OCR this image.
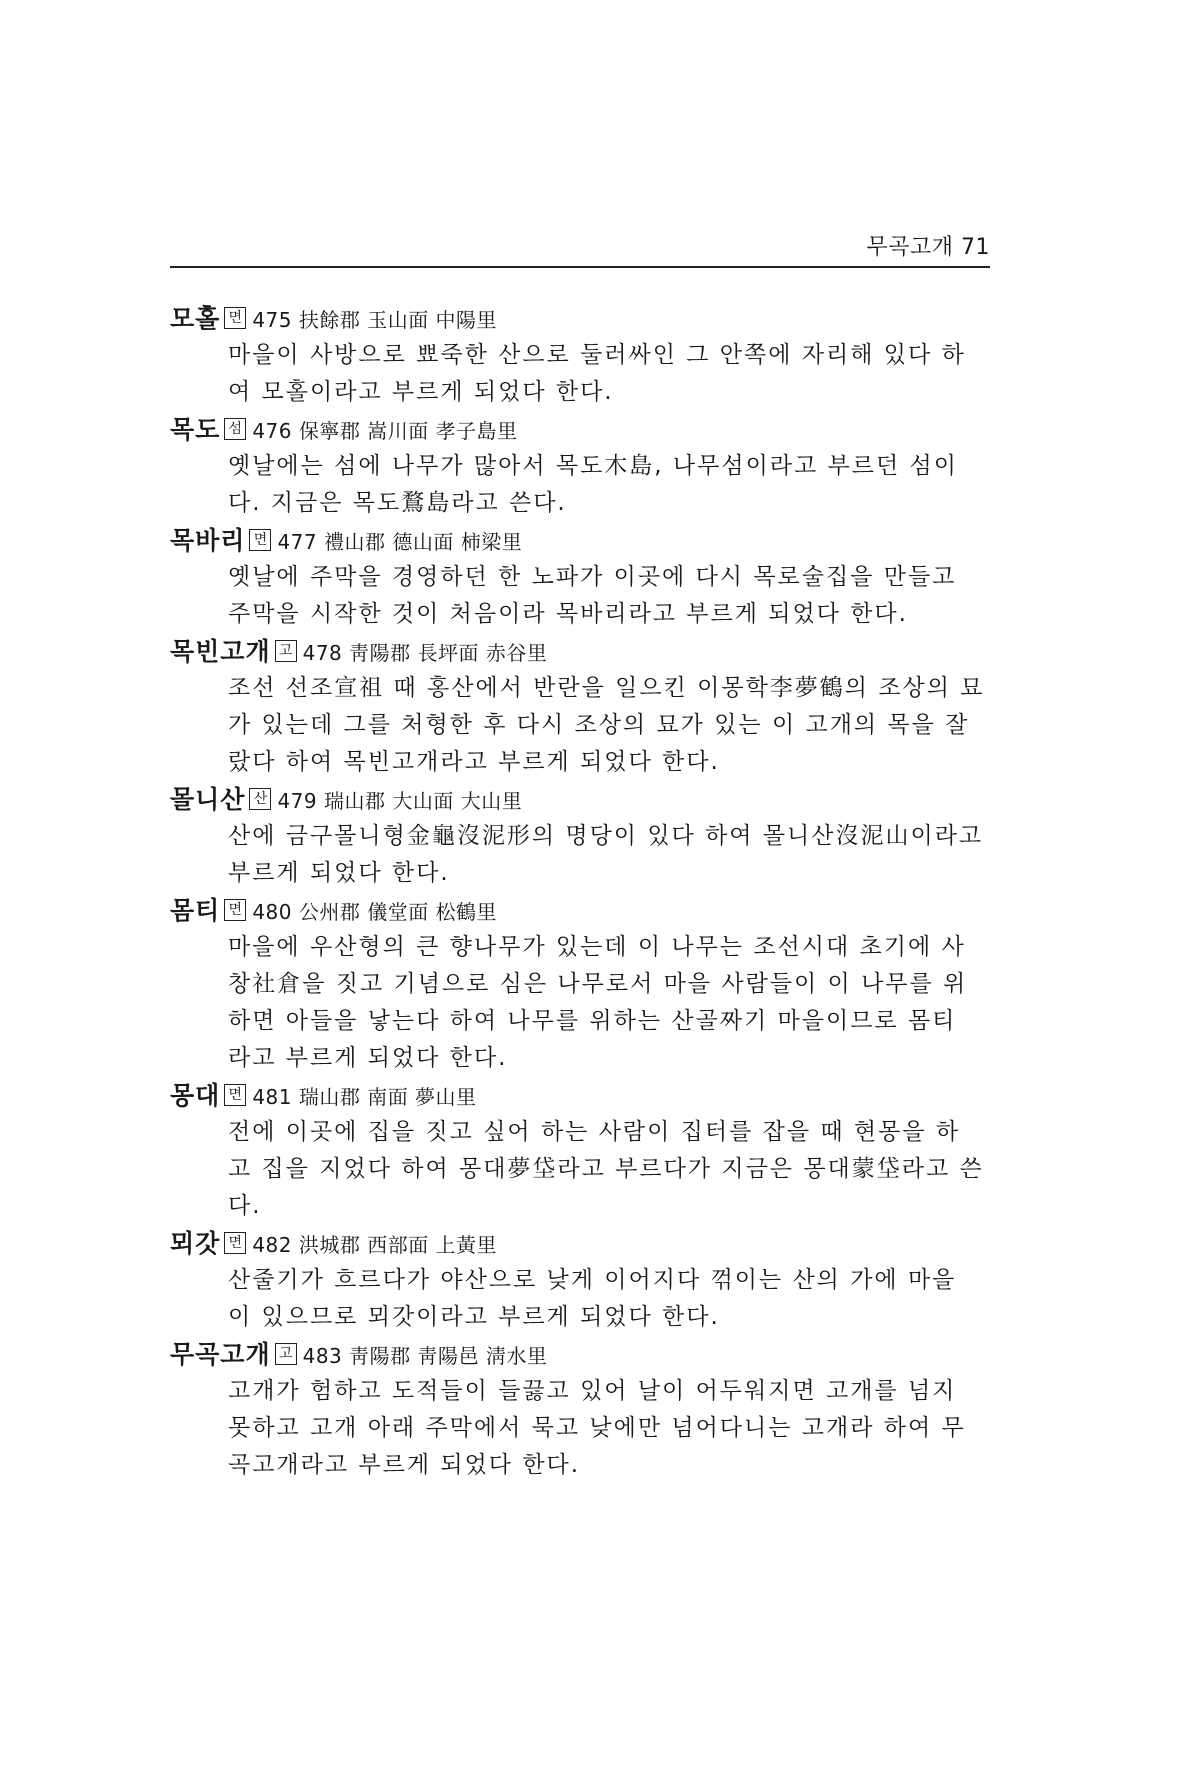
무곡고개 71
모홀 면 475 扶餘郡 玉山面 中陽里
마을이 사방으로 뾰죽한 산으로 둘러싸인 그 안쪽에 자리해 있다 하
여 모홀이라고 부르게 되었다 한다.
목도 섬 476 保寧郡 嵩川面 孝子島里
옛날에는 섬에 나무가 많아서 목도木島, 나무섬이라고 부르던 섬이
다. 지금은 목도鶩島라고 쓴다.
목바리 면 477 禮山郡 德山面 柿梁里
옛날에 주막을 경영하던 한 노파가 이곳에 다시 목로술집을 만들고
주막을 시작한 것이 처음이라 목바리라고 부르게 되었다 한다.
목빈고개 고 478 靑陽郡 長坪面 赤谷里
조선 선조宣祖 때 홍산에서 반란을 일으킨 이몽학李夢鶴의 조상의 묘
가 있는데 그를 처형한 후 다시 조상의 묘가 있는 이 고개의 목을 잘
랐다 하여 목빈고개라고 부르게 되었다 한다.
몰니산 산 479 瑞山郡 大山面 大山里
산에 금구몰니형金龜沒泥形의 명당이 있다 하여 몰니산沒泥山이라고
부르게 되었다 한다.
몸티 면 480 公州郡 儀堂面 松鶴里
마을에 우산형의 큰 향나무가 있는데 이 나무는 조선시대 초기에 사
창社倉을 짓고 기념으로 심은 나무로서 마을 사람들이 이 나무를 위
하면 아들을 낳는다 하여 나무를 위하는 산골짜기 마을이므로 몸티
라고 부르게 되었다 한다.
몽대 면 481 瑞山郡 南面 夢山里
전에 이곳에 집을 짓고 싶어 하는 사람이 집터를 잡을 때 현몽을 하
고 집을 지었다 하여 몽대夢垈라고 부르다가 지금은 몽대蒙垈라고 쓴
다.
뫼갓 면 482 洪城郡 西部面 上黃里
산줄기가 흐르다가 야산으로 낮게 이어지다 꺾이는 산의 가에 마을
이 있으므로 뫼갓이라고 부르게 되었다 한다.
무곡고개 고 483 靑陽郡 靑陽邑 淸水里
고개가 험하고 도적들이 들끓고 있어 날이 어두워지면 고개를 넘지
못하고 고개 아래 주막에서 묵고 낮에만 넘어다니는 고개라 하여 무
곡고개라고 부르게 되었다 한다.
